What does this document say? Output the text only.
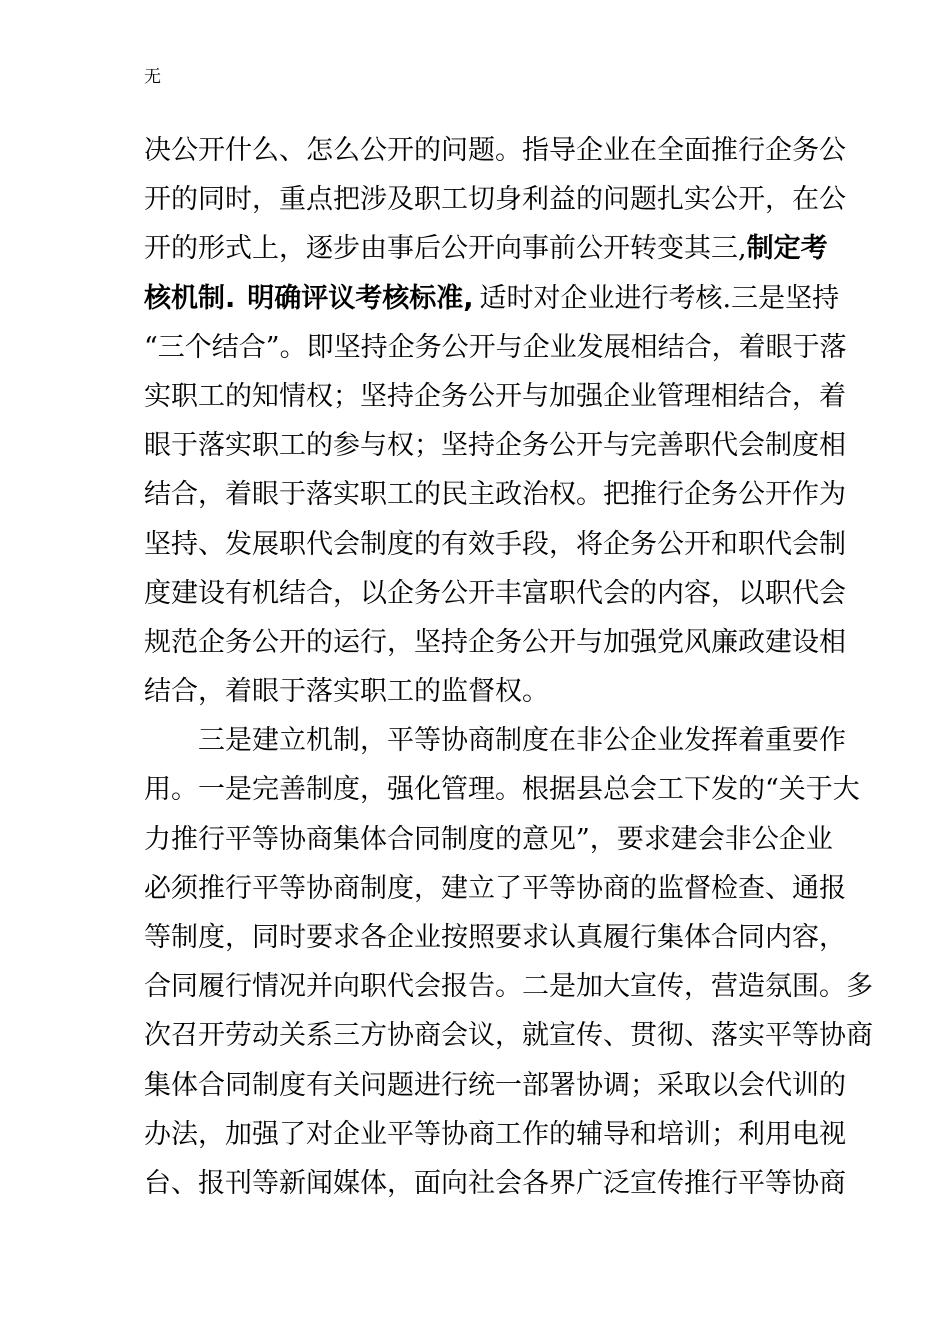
无
决公开什么、怎么公开的问题。指导企业在全面推行企务公
开的同时，重点把涉及职工切身利益的问题扎实公开，在公
开的形式上，逐步由事后公开向事前公开转变其三,制定考
核机制. 明确评议考核标准, 适时对企业进行考核.三是坚持
“三个结合”。即坚持企务公开与企业发展相结合，着眼于落
实职工的知情权；坚持企务公开与加强企业管理相结合，着
眼于落实职工的参与权；坚持企务公开与完善职代会制度相
结合，着眼于落实职工的民主政治权。把推行企务公开作为
坚持、发展职代会制度的有效手段，将企务公开和职代会制
度建设有机结合，以企务公开丰富职代会的内容，以职代会
规范企务公开的运行，坚持企务公开与加强党风廉政建设相
结合，着眼于落实职工的监督权。
三是建立机制，平等协商制度在非公企业发挥着重要作
用。一是完善制度，强化管理。根据县总会工下发的“关于大
力推行平等协商集体合同制度的意见”，要求建会非公企业
必须推行平等协商制度，建立了平等协商的监督检查、通报
等制度，同时要求各企业按照要求认真履行集体合同内容，
合同履行情况并向职代会报告。二是加大宣传，营造氛围。多
次召开劳动关系三方协商会议，就宣传、贯彻、落实平等协商
集体合同制度有关问题进行统一部署协调；采取以会代训的
办法，加强了对企业平等协商工作的辅导和培训；利用电视
台、报刊等新闻媒体，面向社会各界广泛宣传推行平等协商
